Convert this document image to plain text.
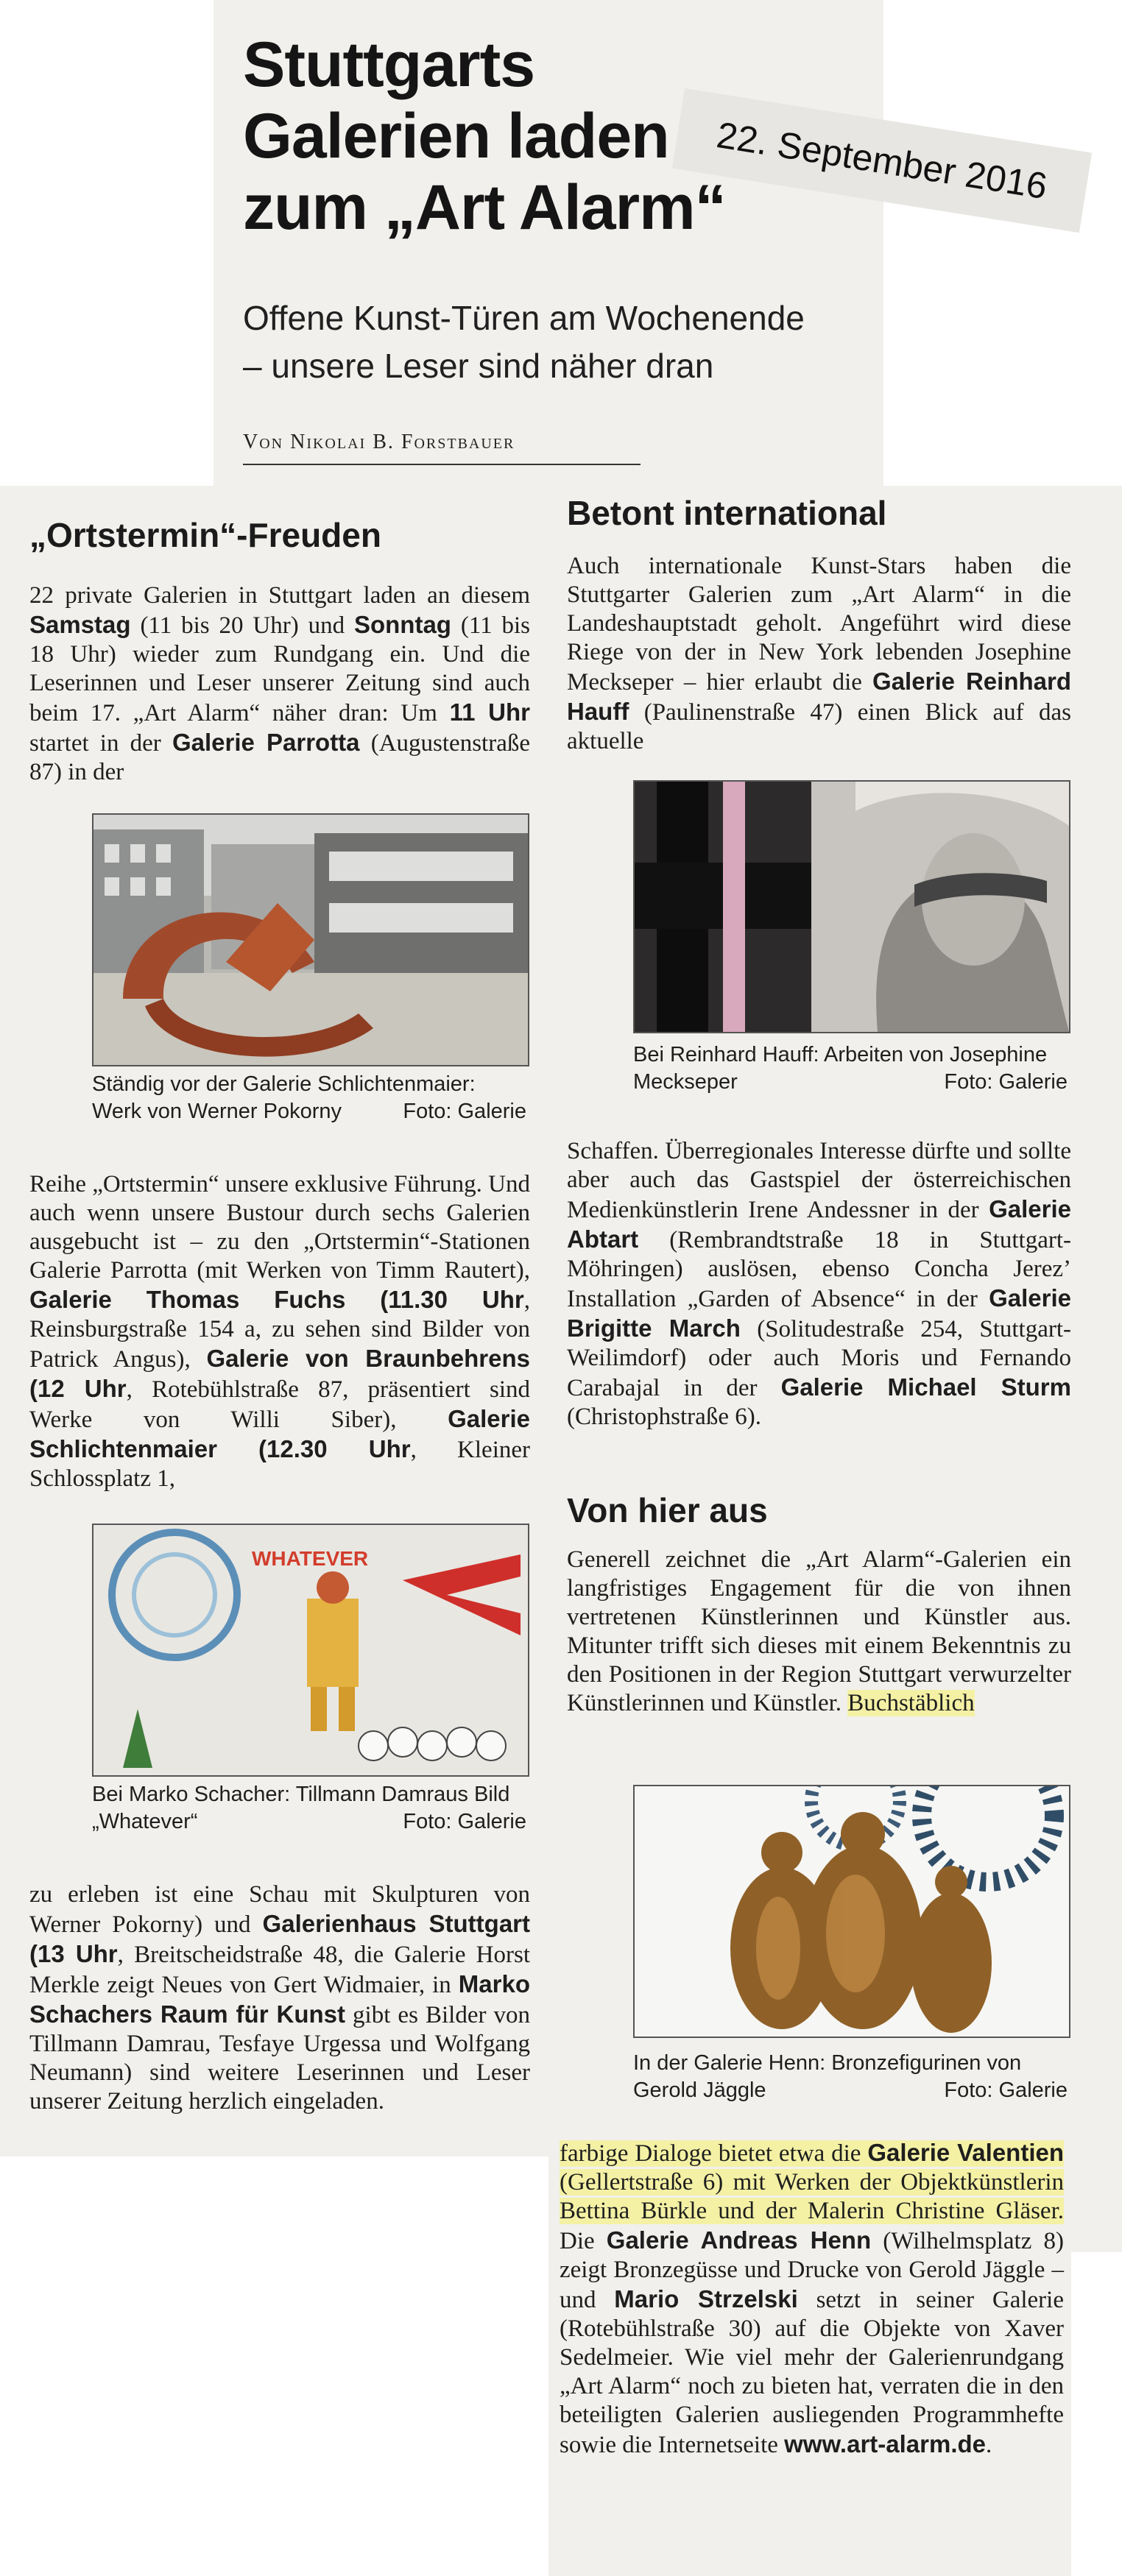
Stuttgarts
Galerien laden
zum „Art Alarm“
Offene Kunst-Türen am Wochenende
– unsere Leser sind näher dran
Von Nikolai B. Forstbauer
22. September 2016
„Ortstermin“-Freuden
22 private Galerien in Stuttgart laden an diesem Samstag (11 bis 20 Uhr) und Sonntag (11 bis 18 Uhr) wieder zum Rundgang ein. Und die Leserinnen und Leser unserer Zeitung sind auch beim 17. „Art Alarm“ näher dran: Um 11 Uhr startet in der Galerie Parrotta (Augustenstraße 87) in der
Ständig vor der Galerie Schlichtenmaier: Werk von Werner Pokorny	Foto: Galerie
Reihe „Ortstermin“ unsere exklusive Führung. Und auch wenn unsere Bustour durch sechs Galerien ausgebucht ist – zu den „Ortstermin“-Stationen Galerie Parrotta (mit Werken von Timm Rautert), Galerie Thomas Fuchs (11.30 Uhr, Reinsburgstraße 154 a, zu sehen sind Bilder von Patrick Angus), Galerie von Braunbehrens (12 Uhr, Rotebühlstraße 87, präsentiert sind Werke von Willi Siber), Galerie Schlichtenmaier (12.30 Uhr, Kleiner Schlossplatz 1,
WHATEVER
Bei Marko Schacher: Tillmann Damraus Bild „Whatever“	Foto: Galerie
zu erleben ist eine Schau mit Skulpturen von Werner Pokorny) und Galerienhaus Stuttgart (13 Uhr, Breitscheidstraße 48, die Galerie Horst Merkle zeigt Neues von Gert Widmaier, in Marko Schachers Raum für Kunst gibt es Bilder von Tillmann Damrau, Tesfaye Urgessa und Wolfgang Neumann) sind weitere Leserinnen und Leser unserer Zeitung herzlich eingeladen.
Betont international
Auch internationale Kunst-Stars haben die Stuttgarter Galerien zum „Art Alarm“ in die Landeshauptstadt geholt. Angeführt wird diese Riege von der in New York lebenden Josephine Meckseper – hier erlaubt die Galerie Reinhard Hauff (Paulinenstraße 47) einen Blick auf das aktuelle
Bei Reinhard Hauff: Arbeiten von Josephine Meckseper	Foto: Galerie
Schaffen. Überregionales Interesse dürfte und sollte aber auch das Gastspiel der österreichischen Medienkünstlerin Irene Andessner in der Galerie Abtart (Rembrandtstraße 18 in Stuttgart-Möhringen) auslösen, ebenso Concha Jerez’ Installation „Garden of Absence“ in der Galerie Brigitte March (Solitudestraße 254, Stuttgart-Weilimdorf) oder auch Moris und Fernando Carabajal in der Galerie Michael Sturm (Christophstraße 6).
Von hier aus
Generell zeichnet die „Art Alarm“-Galerien ein langfristiges Engagement für die von ihnen vertretenen Künstlerinnen und Künstler aus. Mitunter trifft sich dieses mit einem Bekenntnis zu den Positionen in der Region Stuttgart verwurzelter Künstlerinnen und Künstler. Buchstäblich
In der Galerie Henn: Bronzefigurinen von Gerold Jäggle	Foto: Galerie
farbige Dialoge bietet etwa die Galerie Valentien (Gellertstraße 6) mit Werken der Objektkünstlerin Bettina Bürkle und der Malerin Christine Gläser. Die Galerie Andreas Henn (Wilhelmsplatz 8) zeigt Bronzegüsse und Drucke von Gerold Jäggle – und Mario Strzelski setzt in seiner Galerie (Rotebühlstraße 30) auf die Objekte von Xaver Sedelmeier. Wie viel mehr der Galerienrundgang „Art Alarm“ noch zu bieten hat, verraten die in den beteiligten Galerien ausliegenden Programmhefte sowie die Internetseite www.art-alarm.de.
